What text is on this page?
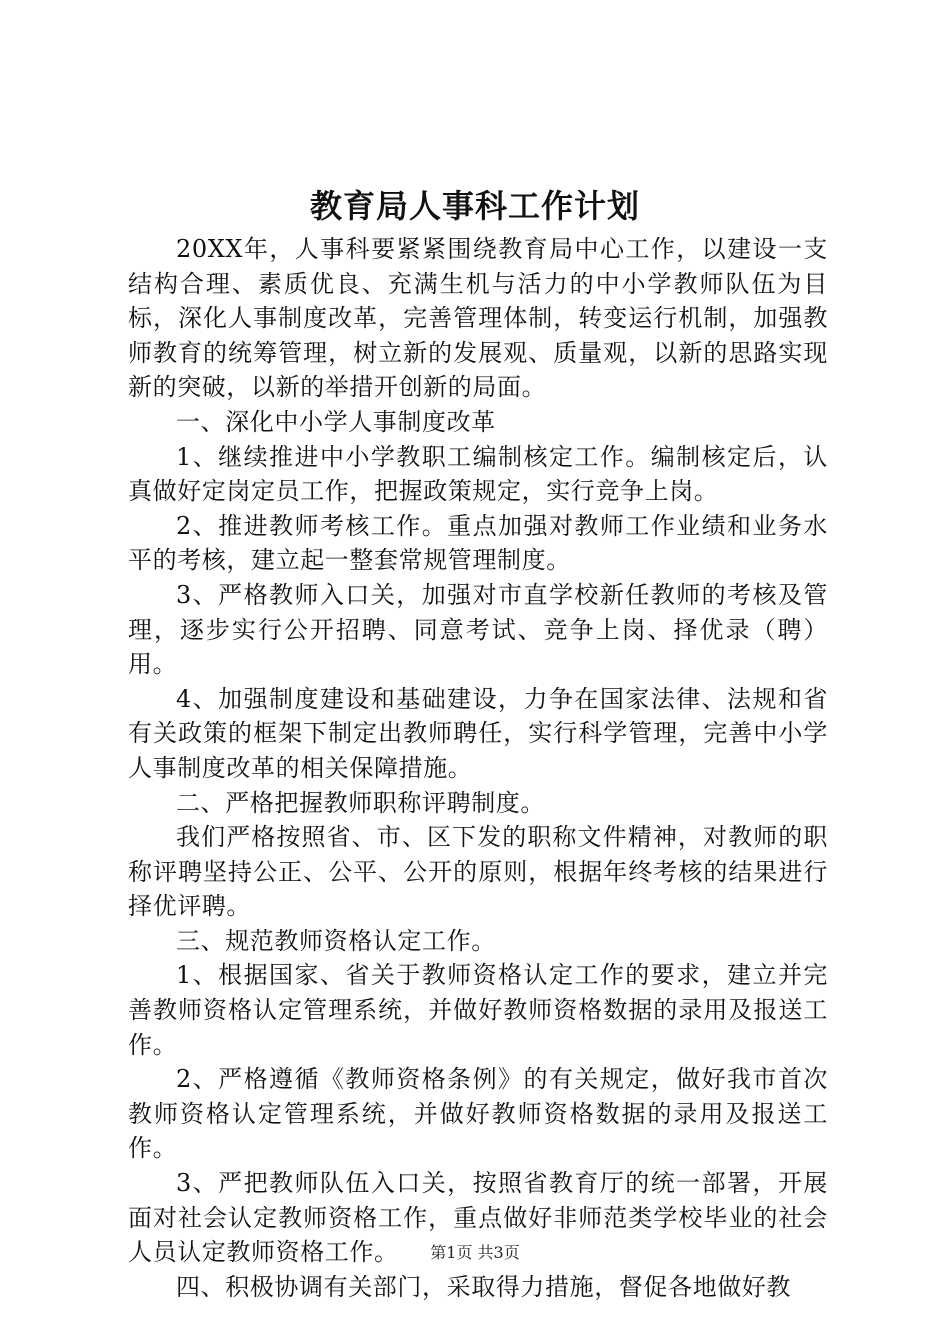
教育局人事科工作计划

20XX年，人事科要紧紧围绕教育局中心工作，以建设一支结构合理、素质优良、充满生机与活力的中小学教师队伍为目标，深化人事制度改革，完善管理体制，转变运行机制，加强教师教育的统筹管理，树立新的发展观、质量观，以新的思路实现新的突破，以新的举措开创新的局面。

一、深化中小学人事制度改革

1、继续推进中小学教职工编制核定工作。编制核定后，认真做好定岗定员工作，把握政策规定，实行竞争上岗。

2、推进教师考核工作。重点加强对教师工作业绩和业务水平的考核，建立起一整套常规管理制度。

3、严格教师入口关，加强对市直学校新任教师的考核及管理，逐步实行公开招聘、同意考试、竞争上岗、择优录（聘）用。

4、加强制度建设和基础建设，力争在国家法律、法规和省有关政策的框架下制定出教师聘任，实行科学管理，完善中小学人事制度改革的相关保障措施。

二、严格把握教师职称评聘制度。

我们严格按照省、市、区下发的职称文件精神，对教师的职称评聘坚持公正、公平、公开的原则，根据年终考核的结果进行择优评聘。

三、规范教师资格认定工作。

1、根据国家、省关于教师资格认定工作的要求，建立并完善教师资格认定管理系统，并做好教师资格数据的录用及报送工作。

2、严格遵循《教师资格条例》的有关规定，做好我市首次教师资格认定管理系统，并做好教师资格数据的录用及报送工作。

3、严把教师队伍入口关，按照省教育厅的统一部署，开展面对社会认定教师资格工作，重点做好非师范类学校毕业的社会人员认定教师资格工作。

四、积极协调有关部门，采取得力措施，督促各地做好教

第1页 共3页
